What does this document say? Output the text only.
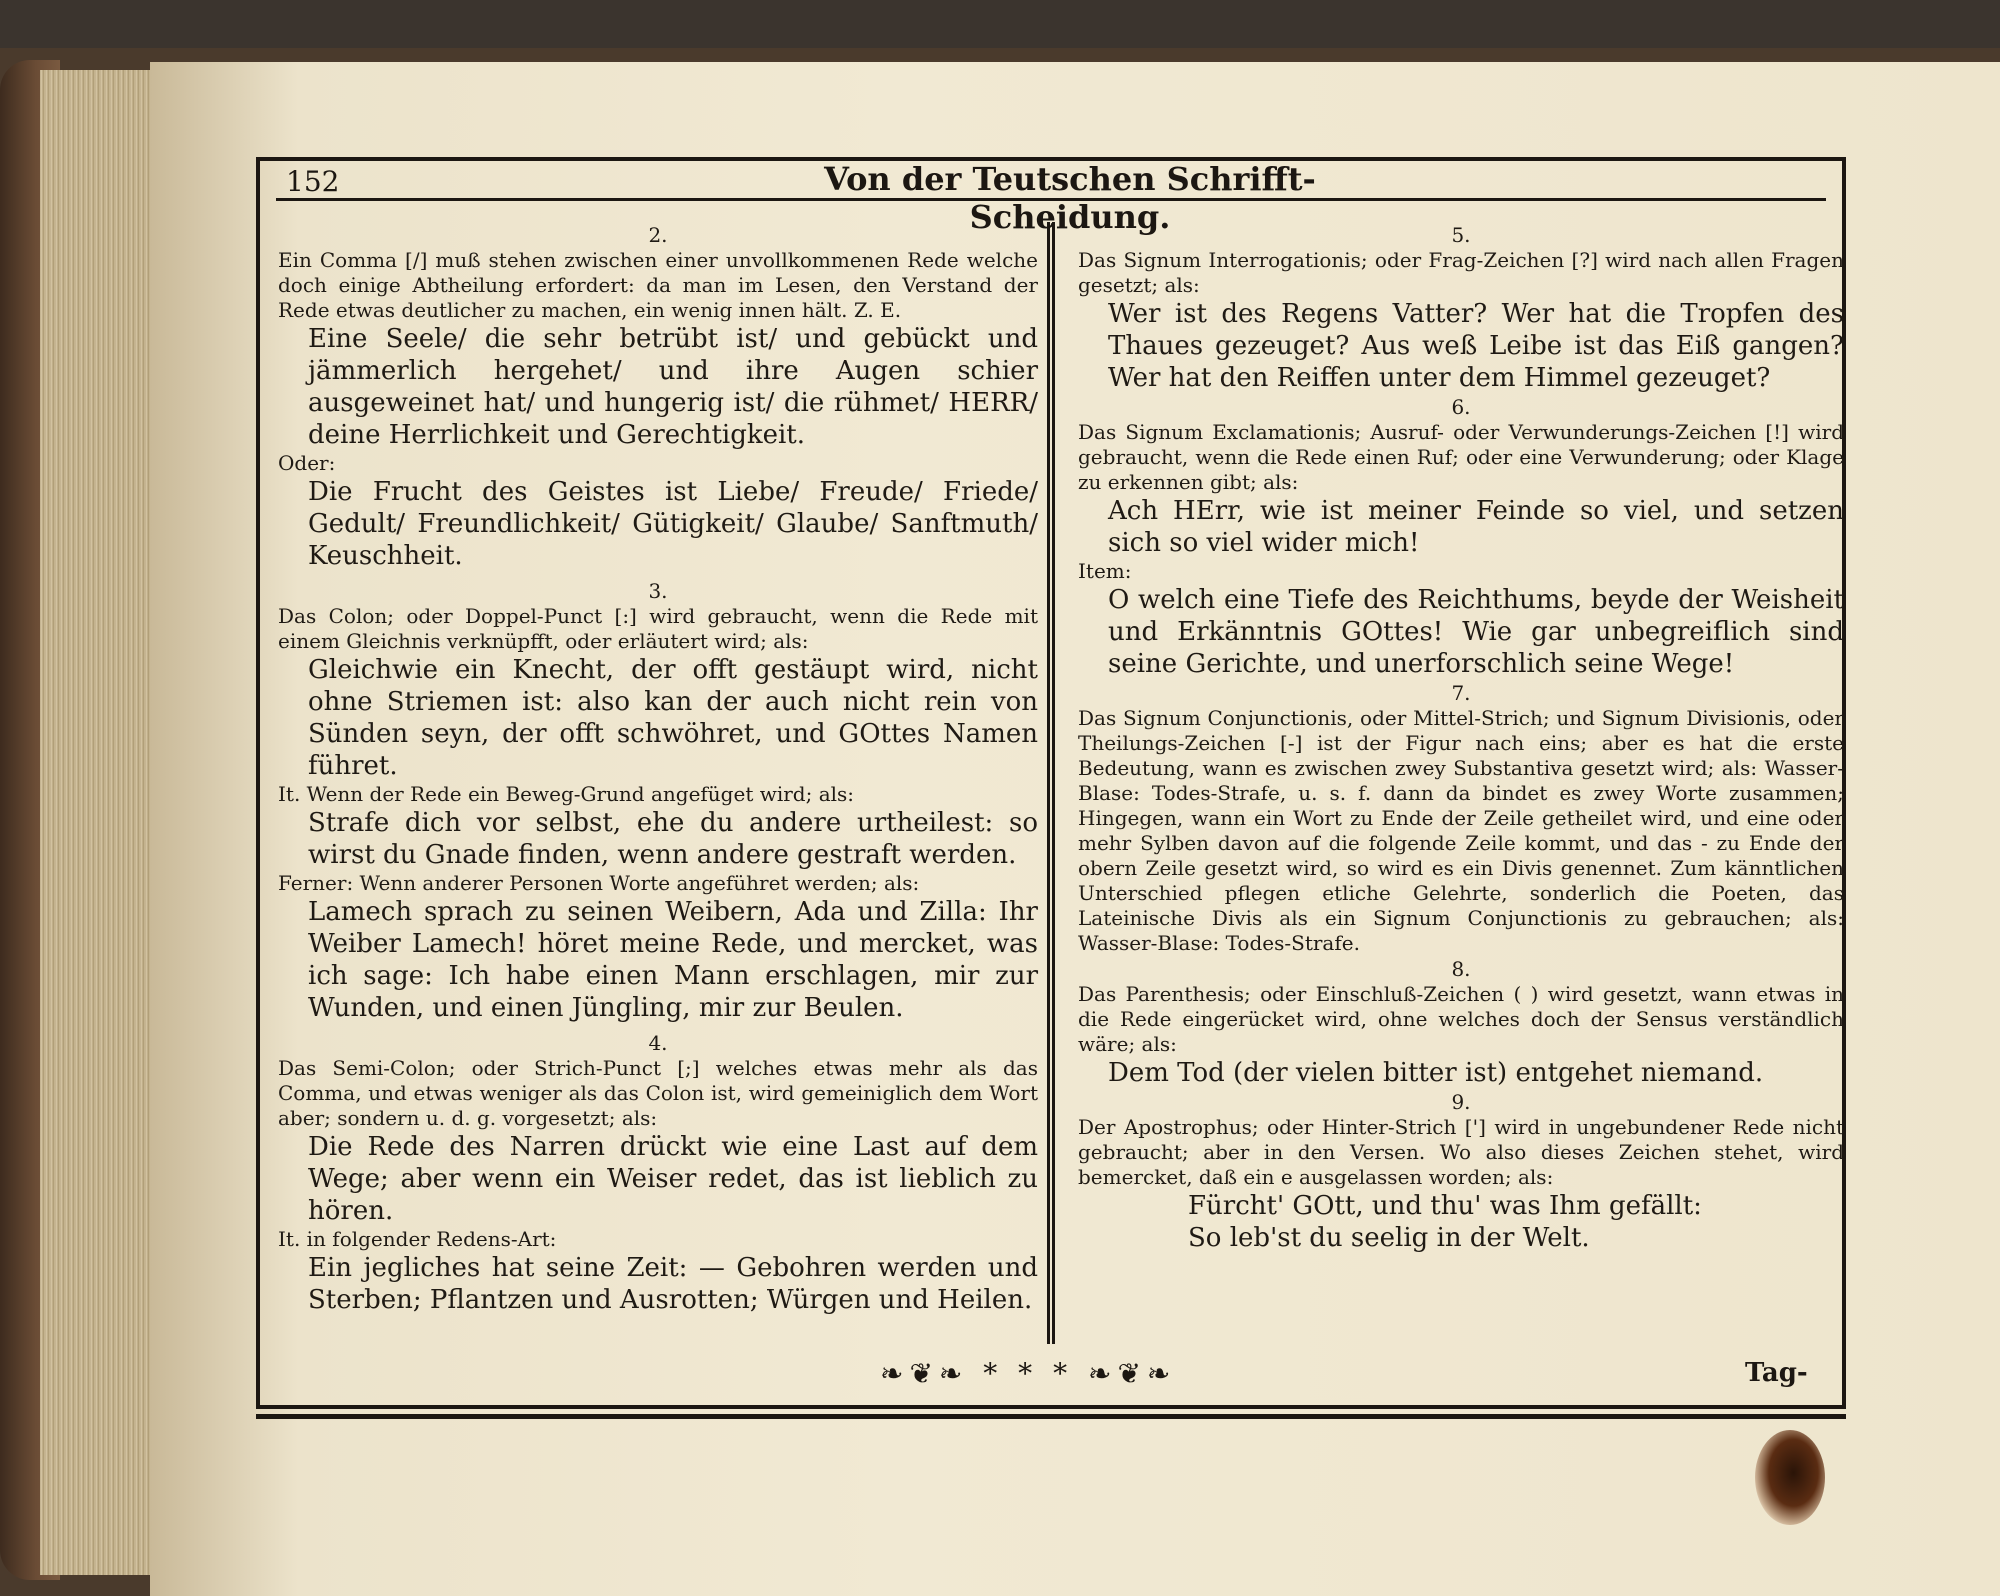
152	Von der Teutschen Schrifft-Scheidung.

2.

Ein Comma [/] muß stehen zwischen einer unvollkommenen Rede welche doch einige Abtheilung erfordert: da man im Lesen, den Verstand der Rede etwas deutlicher zu machen, ein wenig innen hält. Z. E.

Eine Seele/ die sehr betrübt ist/ und gebückt und jämmerlich hergehet/ und ihre Augen schier ausgeweinet hat/ und hungerig ist/ die rühmet/ HERR/ deine Herrlichkeit und Gerechtigkeit.

Oder:

Die Frucht des Geistes ist Liebe/ Freude/ Friede/ Gedult/ Freundlichkeit/ Gütigkeit/ Glaube/ Sanftmuth/ Keuschheit.

3.

Das Colon; oder Doppel-Punct [:] wird gebraucht, wenn die Rede mit einem Gleichnis verknüpfft, oder erläutert wird; als:

Gleichwie ein Knecht, der offt gestäupt wird, nicht ohne Striemen ist: also kan der auch nicht rein von Sünden seyn, der offt schwöhret, und GOttes Namen führet.

It. Wenn der Rede ein Beweg-Grund angefüget wird; als:

Strafe dich vor selbst, ehe du andere urtheilest: so wirst du Gnade finden, wenn andere gestraft werden.

Ferner: Wenn anderer Personen Worte angeführet werden; als:

Lamech sprach zu seinen Weibern, Ada und Zilla: Ihr Weiber Lamech! höret meine Rede, und mercket, was ich sage: Ich habe einen Mann erschlagen, mir zur Wunden, und einen Jüngling, mir zur Beulen.

4.

Das Semi-Colon; oder Strich-Punct [;] welches etwas mehr als das Comma, und etwas weniger als das Colon ist, wird gemeiniglich dem Wort aber; sondern u. d. g. vorgesetzt; als:

Die Rede des Narren drückt wie eine Last auf dem Wege; aber wenn ein Weiser redet, das ist lieblich zu hören.

It. in folgender Redens-Art:

Ein jegliches hat seine Zeit: — Gebohren werden und Sterben; Pflantzen und Ausrotten; Würgen und Heilen.

5.

Das Signum Interrogationis; oder Frag-Zeichen [?] wird nach allen Fragen gesetzt; als:

Wer ist des Regens Vatter? Wer hat die Tropfen des Thaues gezeuget? Aus weß Leibe ist das Eiß gangen? Wer hat den Reiffen unter dem Himmel gezeuget?

6.

Das Signum Exclamationis; Ausruf- oder Verwunderungs-Zeichen [!] wird gebraucht, wenn die Rede einen Ruf; oder eine Verwunderung; oder Klage zu erkennen gibt; als:

Ach HErr, wie ist meiner Feinde so viel, und setzen sich so viel wider mich!

Item:

O welch eine Tiefe des Reichthums, beyde der Weisheit und Erkänntnis GOttes! Wie gar unbegreiflich sind seine Gerichte, und unerforschlich seine Wege!

7.

Das Signum Conjunctionis, oder Mittel-Strich; und Signum Divisionis, oder Theilungs-Zeichen [-] ist der Figur nach eins; aber es hat die erste Bedeutung, wann es zwischen zwey Substantiva gesetzt wird; als: Wasser-Blase: Todes-Strafe, u. s. f. dann da bindet es zwey Worte zusammen; Hingegen, wann ein Wort zu Ende der Zeile getheilet wird, und eine oder mehr Sylben davon auf die folgende Zeile kommt, und das - zu Ende der obern Zeile gesetzt wird, so wird es ein Divis genennet. Zum känntlichen Unterschied pflegen etliche Gelehrte, sonderlich die Poeten, das Lateinische Divis als ein Signum Conjunctionis zu gebrauchen; als: Wasser-Blase: Todes-Strafe.

8.

Das Parenthesis; oder Einschluß-Zeichen ( ) wird gesetzt, wann etwas in die Rede eingerücket wird, ohne welches doch der Sensus verständlich wäre; als:

Dem Tod (der vielen bitter ist) entgehet niemand.

9.

Der Apostrophus; oder Hinter-Strich ['] wird in ungebundener Rede nicht gebraucht; aber in den Versen. Wo also dieses Zeichen stehet, wird bemercket, daß ein e ausgelassen worden; als:

Fürcht' GOtt, und thu' was Ihm gefällt:

So leb'st du seelig in der Welt.

❧❦❧ * * * ❧❦❧	Tag-
